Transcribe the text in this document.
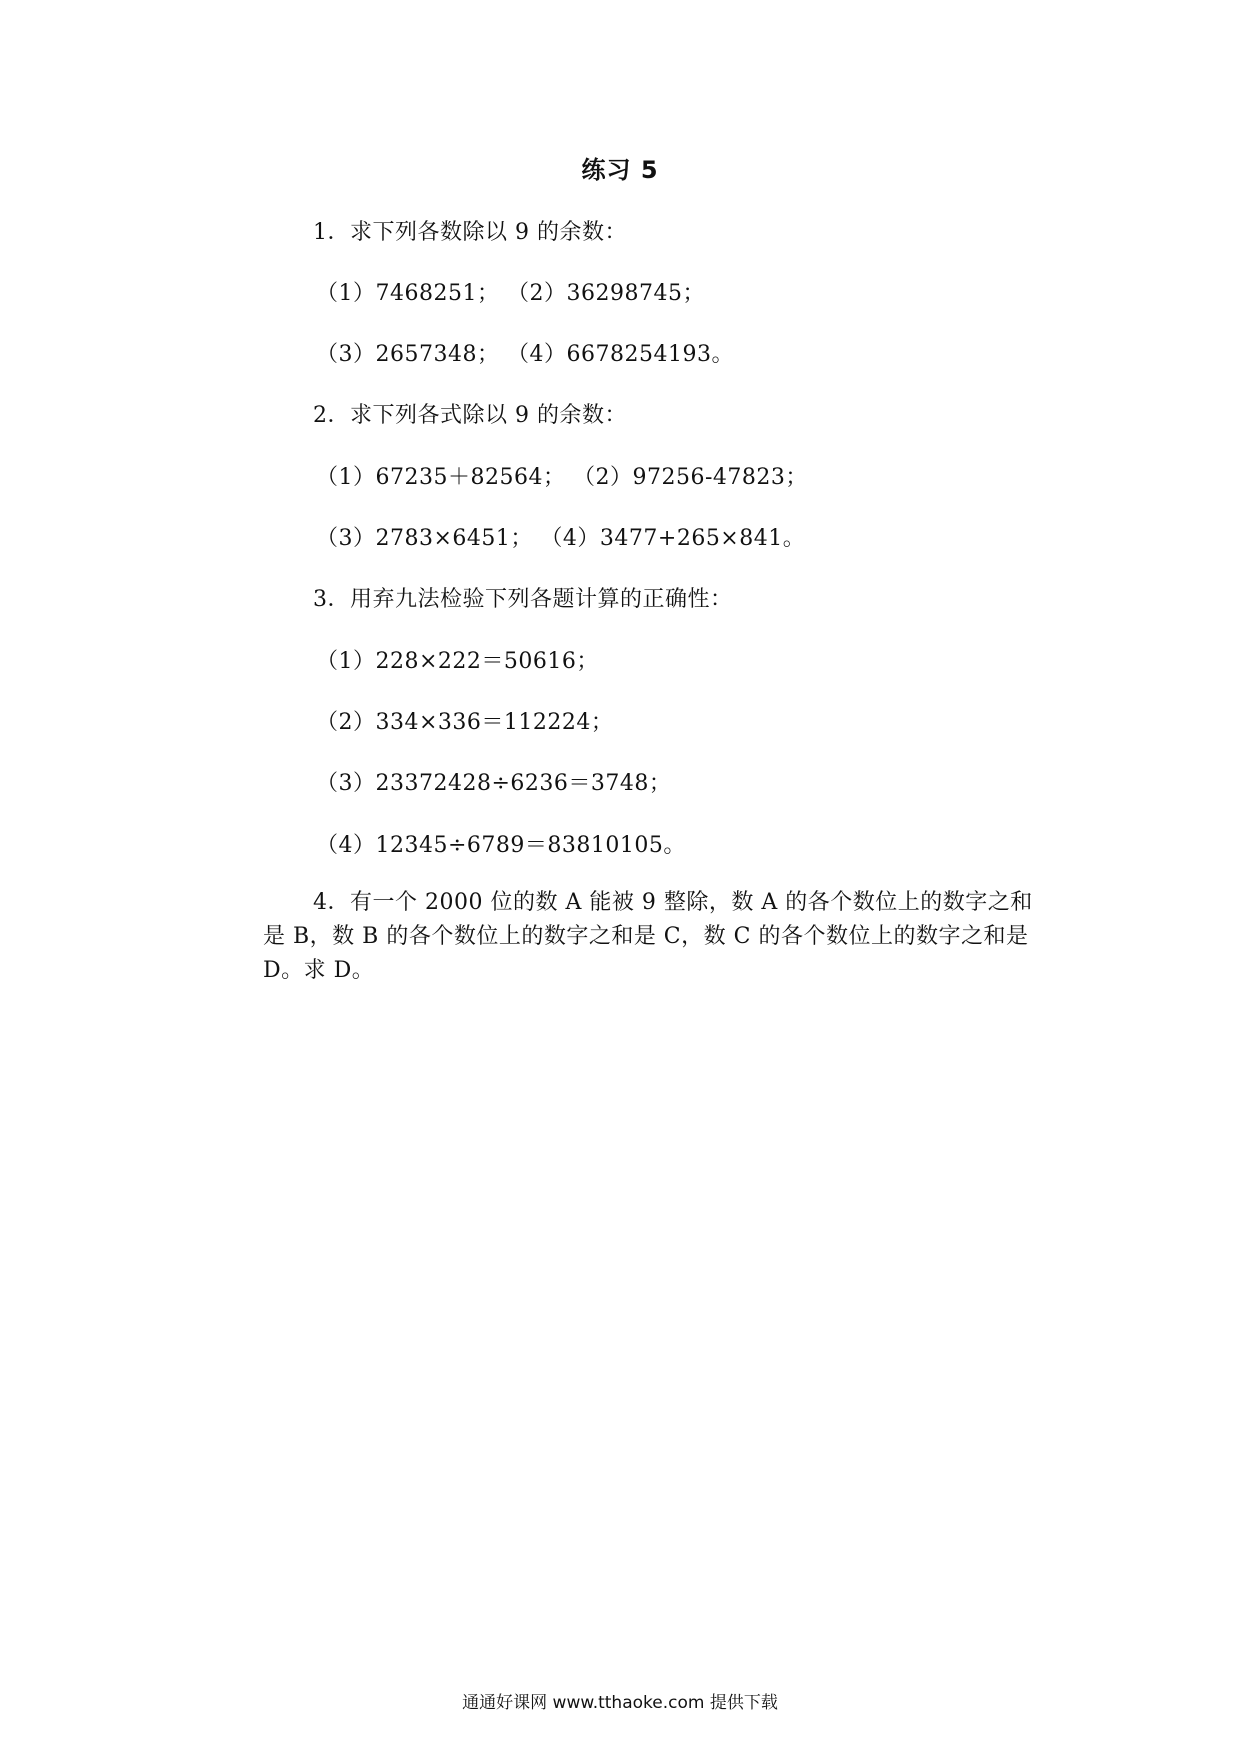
练习 5
1．求下列各数除以 9 的余数：
（1）7468251； （2）36298745；
（3）2657348； （4）6678254193。
2．求下列各式除以 9 的余数：
（1）67235＋82564； （2）97256-47823；
（3）2783×6451； （4）3477+265×841。
3．用弃九法检验下列各题计算的正确性：
（1）228×222＝50616；
（2）334×336＝112224；
（3）23372428÷6236＝3748；
（4）12345÷6789＝83810105。
4．有一个 2000 位的数 A 能被 9 整除，数 A 的各个数位上的数字之和是 B，数 B 的各个数位上的数字之和是 C，数 C 的各个数位上的数字之和是 D。求 D。
通通好课网 www.tthaoke.com 提供下载
